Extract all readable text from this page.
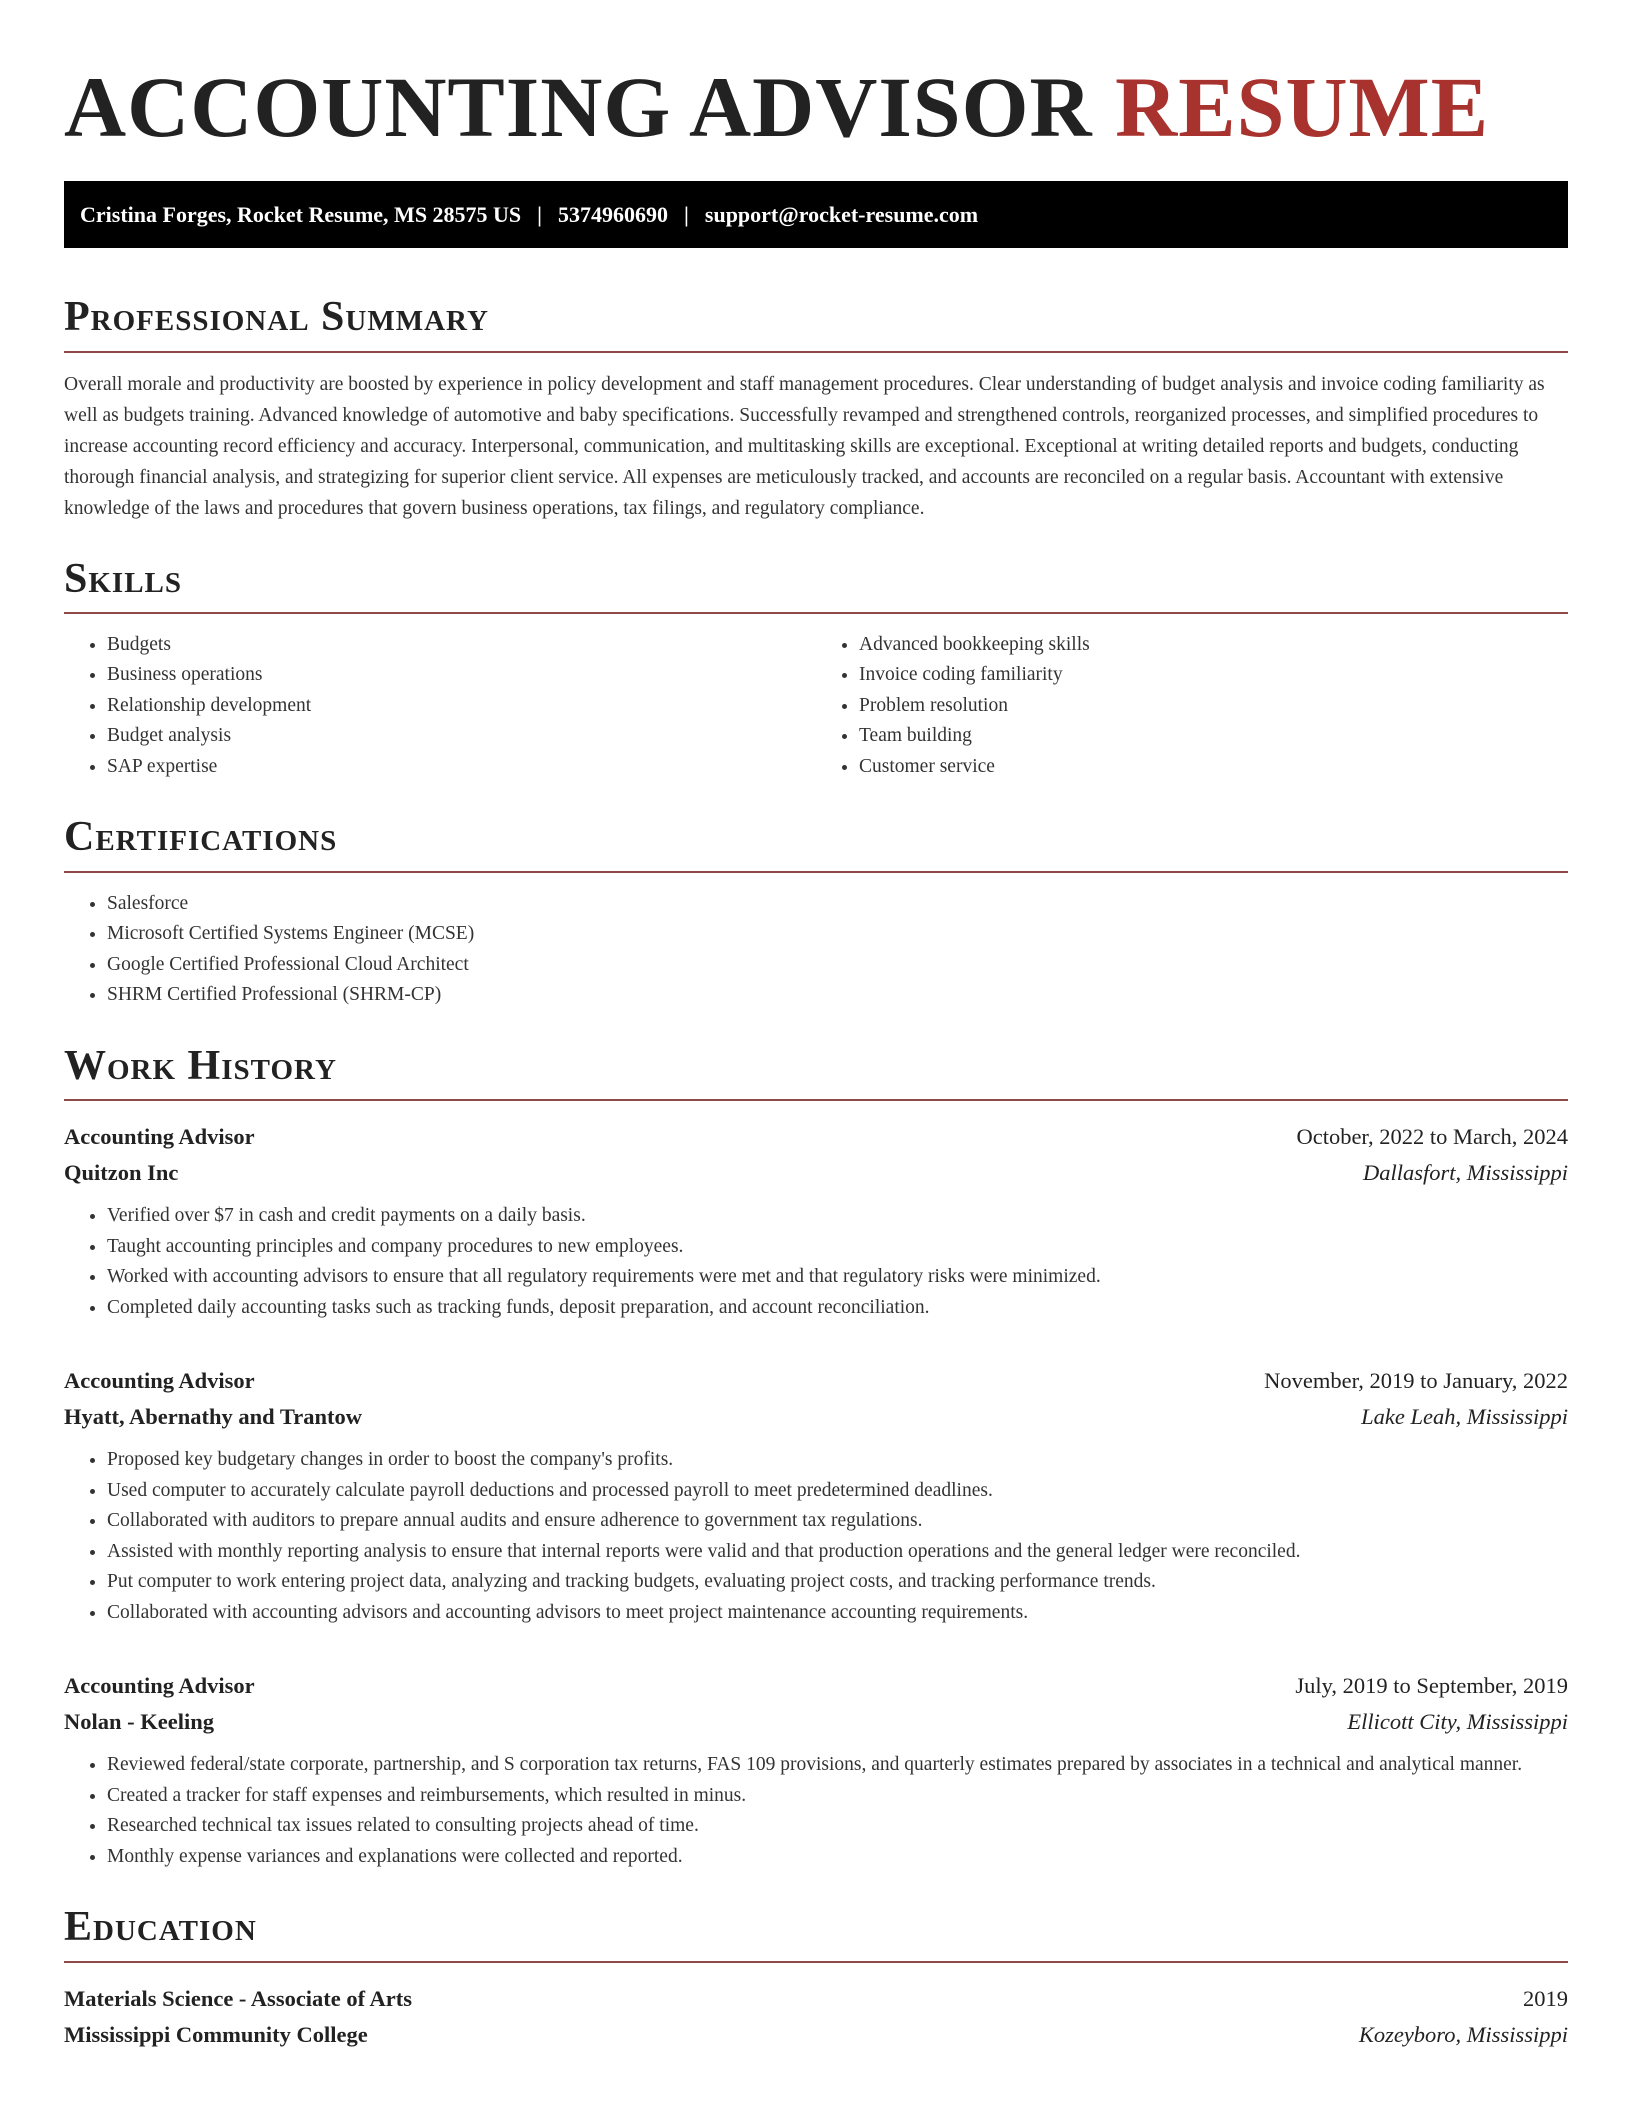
ACCOUNTING ADVISOR RESUME
Cristina Forges, Rocket Resume, MS 28575 US | 5374960690 | support@rocket-resume.com
Professional Summary

Overall morale and productivity are boosted by experience in policy development and staff management procedures. Clear understanding of budget analysis and invoice coding familiarity as well as budgets training. Advanced knowledge of automotive and baby specifications. Successfully revamped and strengthened controls, reorganized processes, and simplified procedures to increase accounting record efficiency and accuracy. Interpersonal, communication, and multitasking skills are exceptional. Exceptional at writing detailed reports and budgets, conducting thorough financial analysis, and strategizing for superior client service. All expenses are meticulously tracked, and accounts are reconciled on a regular basis. Accountant with extensive knowledge of the laws and procedures that govern business operations, tax filings, and regulatory compliance.

Skills
• Budgets
• Business operations
• Relationship development
• Budget analysis
• SAP expertise
• Advanced bookkeeping skills
• Invoice coding familiarity
• Problem resolution
• Team building
• Customer service
Certifications
• Salesforce
• Microsoft Certified Systems Engineer (MCSE)
• Google Certified Professional Cloud Architect
• SHRM Certified Professional (SHRM-CP)
Work History
Accounting Advisor	October, 2022 to March, 2024
Quitzon Inc	Dallasfort, Mississippi
• Verified over $7 in cash and credit payments on a daily basis.
• Taught accounting principles and company procedures to new employees.
• Worked with accounting advisors to ensure that all regulatory requirements were met and that regulatory risks were minimized.
• Completed daily accounting tasks such as tracking funds, deposit preparation, and account reconciliation.
Accounting Advisor	November, 2019 to January, 2022
Hyatt, Abernathy and Trantow	Lake Leah, Mississippi
• Proposed key budgetary changes in order to boost the company's profits.
• Used computer to accurately calculate payroll deductions and processed payroll to meet predetermined deadlines.
• Collaborated with auditors to prepare annual audits and ensure adherence to government tax regulations.
• Assisted with monthly reporting analysis to ensure that internal reports were valid and that production operations and the general ledger were reconciled.
• Put computer to work entering project data, analyzing and tracking budgets, evaluating project costs, and tracking performance trends.
• Collaborated with accounting advisors and accounting advisors to meet project maintenance accounting requirements.
Accounting Advisor	July, 2019 to September, 2019
Nolan - Keeling	Ellicott City, Mississippi
• Reviewed federal/state corporate, partnership, and S corporation tax returns, FAS 109 provisions, and quarterly estimates prepared by associates in a technical and analytical manner.
• Created a tracker for staff expenses and reimbursements, which resulted in minus.
• Researched technical tax issues related to consulting projects ahead of time.
• Monthly expense variances and explanations were collected and reported.
Education
Materials Science - Associate of Arts	2019
Mississippi Community College	Kozeyboro, Mississippi
